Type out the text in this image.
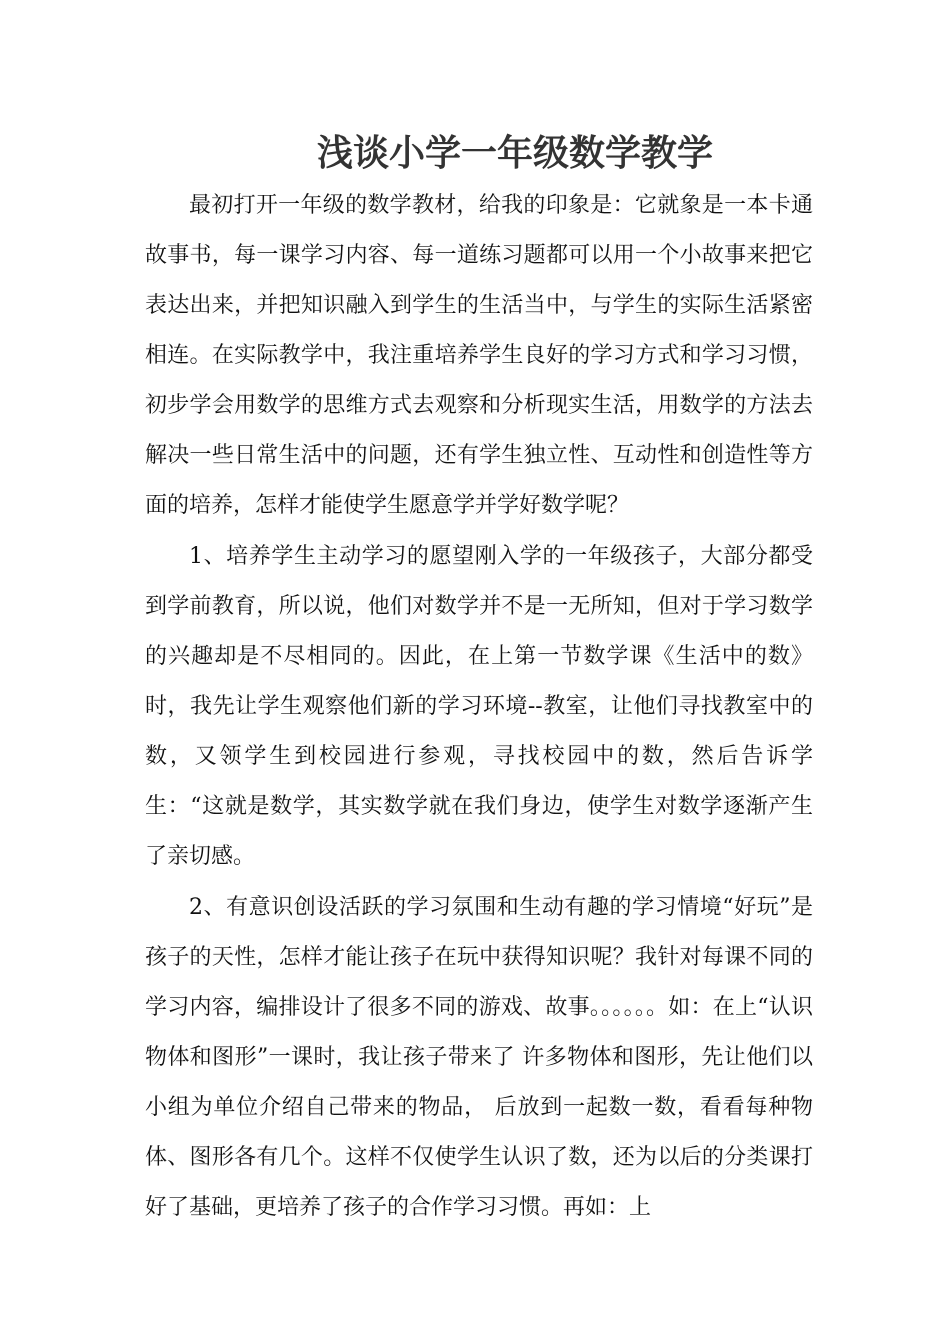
浅谈小学一年级数学教学

最初打开一年级的数学教材，给我的印象是：它就象是一本卡通故事书，每一课学习内容、每一道练习题都可以用一个小故事来把它表达出来，并把知识融入到学生的生活当中，与学生的实际生活紧密相连。在实际教学中，我注重培养学生良好的学习方式和学习习惯，初步学会用数学的思维方式去观察和分析现实生活，用数学的方法去解决一些日常生活中的问题，还有学生独立性、互动性和创造性等方面的培养，怎样才能使学生愿意学并学好数学呢？

1、培养学生主动学习的愿望刚入学的一年级孩子，大部分都受到学前教育，所以说，他们对数学并不是一无所知，但对于学习数学的兴趣却是不尽相同的。因此，在上第一节数学课《生活中的数》时，我先让学生观察他们新的学习环境--教室，让他们寻找教室中的数，又领学生到校园进行参观，寻找校园中的数，然后告诉学生：“这就是数学，其实数学就在我们身边，使学生对数学逐渐产生了亲切感。

2、有意识创设活跃的学习氛围和生动有趣的学习情境“好玩”是孩子的天性，怎样才能让孩子在玩中获得知识呢？我针对每课不同的学习内容，编排设计了很多不同的游戏、故事。。。。。。如：在上“认识物体和图形”一课时，我让孩子带来了 许多物体和图形，先让他们以小组为单位介绍自己带来的物品， 后放到一起数一数，看看每种物体、图形各有几个。这样不仅使学生认识了数，还为以后的分类课打好了基础，更培养了孩子的合作学习习惯。再如：上
